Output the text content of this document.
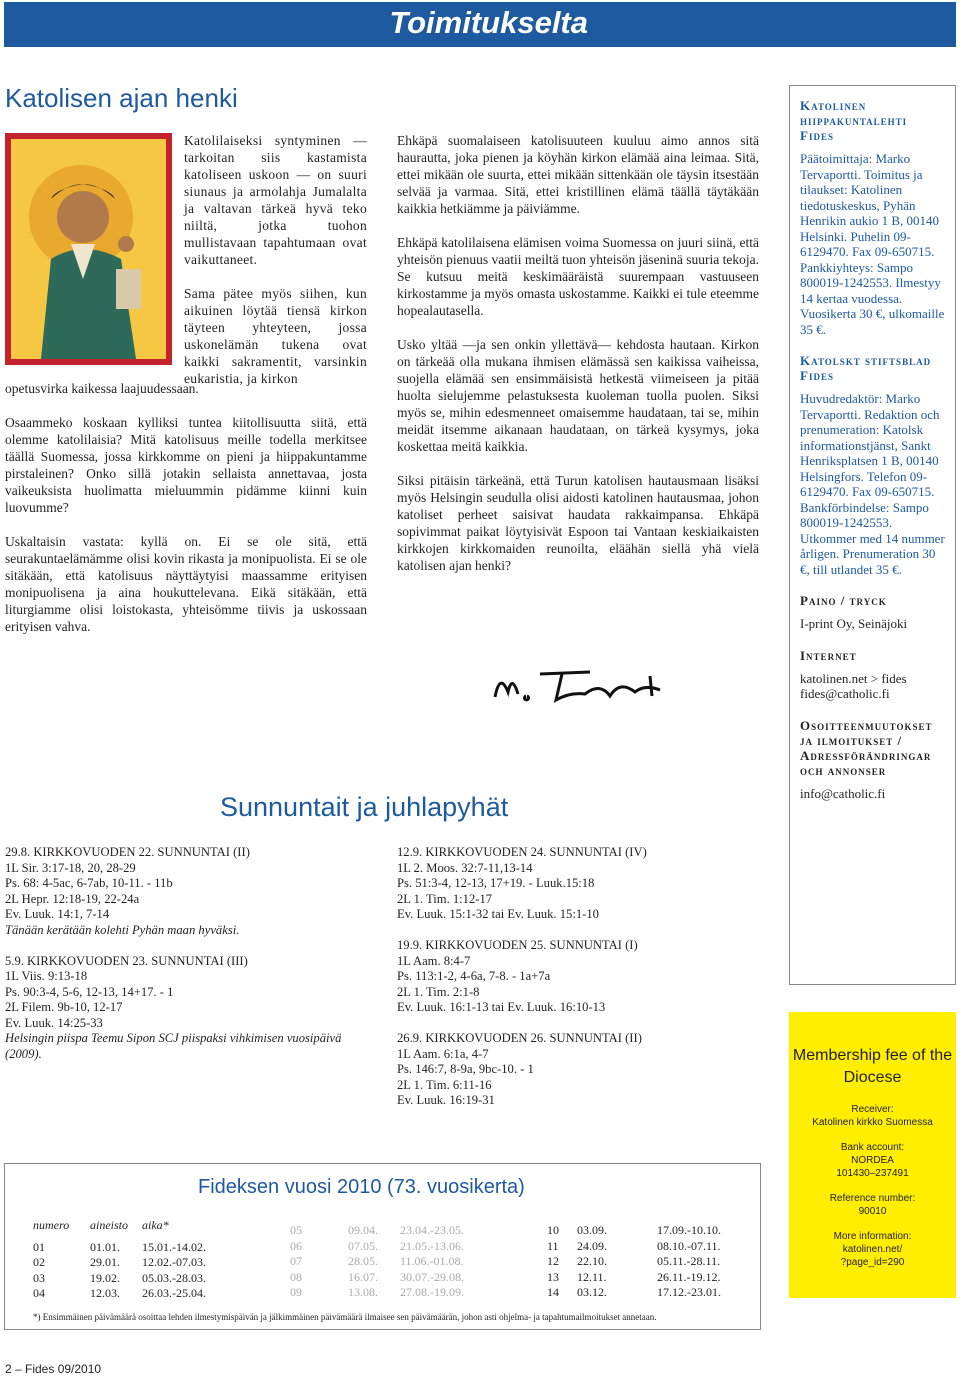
Toimitukselta
Katolisen ajan henki

Katolilaiseksi syntyminen — tarkoitan siis kastamista katoliseen uskoon — on suuri siunaus ja armolahja Jumalalta ja valtavan tärkeä hyvä teko niiltä, jotka tuohon mullistavaan tapahtumaan ovat vaikuttaneet.

Sama pätee myös siihen, kun aikuinen löytää tiensä kirkon täyteen yhteyteen, jossa uskonelämän tukena ovat kaikki sakramentit, varsinkin eukaristia, ja kirkon

opetusvirka kaikessa laajuudessaan.

Osaammeko koskaan kylliksi tuntea kiitollisuutta siitä, että olemme katolilaisia? Mitä katolisuus meille todella merkitsee täällä Suomessa, jossa kirkkomme on pieni ja hiippakuntamme pirstaleinen? Onko sillä jotakin sellaista annettavaa, josta vaikeuksista huolimatta mieluummin pidämme kiinni kuin luovumme?

Uskaltaisin vastata: kyllä on. Ei se ole sitä, että seurakuntaelämämme olisi kovin rikasta ja monipuolista. Ei se ole sitäkään, että katolisuus näyttäytyisi maassamme erityisen monipuolisena ja aina houkuttelevana. Eikä sitäkään, että liturgiamme olisi loistokasta, yhteisömme tiivis ja uskossaan erityisen vahva.

Ehkäpä suomalaiseen katolisuuteen kuuluu aimo annos sitä haurautta, joka pienen ja köyhän kirkon elämää aina leimaa. Sitä, ettei mikään ole suurta, ettei mikään sittenkään ole täysin itsestään selvää ja varmaa. Sitä, ettei kristillinen elämä täällä täytäkään kaikkia hetkiämme ja päiviämme.

Ehkäpä katolilaisena elämisen voima Suomessa on juuri siinä, että yhteisön pienuus vaatii meiltä tuon yhteisön jäseninä suuria tekoja. Se kutsuu meitä keskimääräistä suurempaan vastuuseen kirkostamme ja myös omasta uskostamme. Kaikki ei tule eteemme hopealautasella.

Usko yltää —ja sen onkin yllettävä— kehdosta hautaan. Kirkon on tärkeää olla mukana ihmisen elämässä sen kaikissa vaiheissa, suojella elämää sen ensimmäisistä hetkestä viimeiseen ja pitää huolta sielujemme pelastuksesta kuoleman tuolla puolen. Siksi myös se, mihin edesmenneet omaisemme haudataan, tai se, mihin meidät itsemme aikanaan haudataan, on tärkeä kysymys, joka koskettaa meitä kaikkia.

Siksi pitäisin tärkeänä, että Turun katolisen hautausmaan lisäksi myös Helsingin seudulla olisi aidosti katolinen hautausmaa, johon katoliset perheet saisivat haudata rakkaimpansa. Ehkäpä sopivimmat paikat löytyisivät Espoon tai Vantaan keskiaikaisten kirkkojen kirkkomaiden reunoilta, eläähän siellä yhä vielä katolisen ajan henki?

Katolinen hiippakuntalehti Fides
Päätoimittaja: Marko Tervaportti. Toimitus ja tilaukset: Katolinen tiedotuskeskus, Pyhän Henrikin aukio 1 B, 00140 Helsinki. Puhelin 09-6129470. Fax 09-650715. Pankkiyhteys: Sampo 800019-1242553. Ilmestyy 14 kertaa vuodessa. Vuosikerta 30 €, ulkomaille 35 €.
Katolskt stiftsblad Fides
Huvudredaktör: Marko Tervaportti. Redaktion och prenumeration: Katolsk informationstjänst, Sankt Henriksplatsen 1 B, 00140 Helsingfors. Telefon 09-6129470. Fax 09-650715. Bankförbindelse: Sampo 800019-1242553. Utkommer med 14 nummer årligen. Prenumeration 30 €, till utlandet 35 €.
Paino / tryck
I-print Oy, Seinäjoki
Internet
katolinen.net > fides
fides@catholic.fi
Osoitteenmuutokset ja ilmoitukset / Adressförändringar och annonser
info@catholic.fi
Sunnuntait ja juhlapyhät
29.8. KIRKKOVUODEN 22. SUNNUNTAI (II)
1L Sir. 3:17-18, 20, 28-29
Ps. 68: 4-5ac, 6-7ab, 10-11. - 11b
2L Hepr. 12:18-19, 22-24a
Ev. Luuk. 14:1, 7-14
Tänään kerätään kolehti Pyhän maan hyväksi.
5.9. KIRKKOVUODEN 23. SUNNUNTAI (III)
1L Viis. 9:13-18
Ps. 90:3-4, 5-6, 12-13, 14+17. - 1
2L Filem. 9b-10, 12-17
Ev. Luuk. 14:25-33
Helsingin piispa Teemu Sipon SCJ piispaksi vihkimisen vuosipäivä (2009).
12.9. KIRKKOVUODEN 24. SUNNUNTAI (IV)
1L 2. Moos. 32:7-11,13-14
Ps. 51:3-4, 12-13, 17+19. - Luuk.15:18
2L 1. Tim. 1:12-17
Ev. Luuk. 15:1-32 tai Ev. Luuk. 15:1-10
19.9. KIRKKOVUODEN 25. SUNNUNTAI (I)
1L Aam. 8:4-7
Ps. 113:1-2, 4-6a, 7-8. - 1a+7a
2L 1. Tim. 2:1-8
Ev. Luuk. 16:1-13 tai Ev. Luuk. 16:10-13
26.9. KIRKKOVUODEN 26. SUNNUNTAI (II)
1L Aam. 6:1a, 4-7
Ps. 146:7, 8-9a, 9bc-10. - 1
2L 1. Tim. 6:11-16
Ev. Luuk. 16:19-31
Membership fee of the Diocese
Receiver:
Katolinen kirkko Suomessa
Bank account:
NORDEA
101430–237491
Reference number:
90010
More information:
katolinen.net/
?page_id=290
Fideksen vuosi 2010 (73. vuosikerta)
numero	aineisto	aika*

01	01.01.	15.01.-14.02.
02	29.01.	12.02.-07.03.
03	19.02.	05.03.-28.03.
04	12.03.	26.03.-25.04.
05	09.04.	23.04.-23.05.
06	07.05.	21.05.-13.06.
07	28.05.	11.06.-01.08.
08	16.07.	30.07.-29.08.
09	13.08.	27.08.-19.09.
10	03.09.	17.09.-10.10.
11	24.09.	08.10.-07.11.
12	22.10.	05.11.-28.11.
13	12.11.	26.11.-19.12.
14	03.12.	17.12.-23.01.
*) Ensimmäinen päivämäärä osoittaa lehden ilmestymispäivän ja jälkimmäinen päivämäärä ilmaisee sen päivämäärän, johon asti ohjelma- ja tapahtumailmoitukset annetaan.
2 – Fides 09/2010
